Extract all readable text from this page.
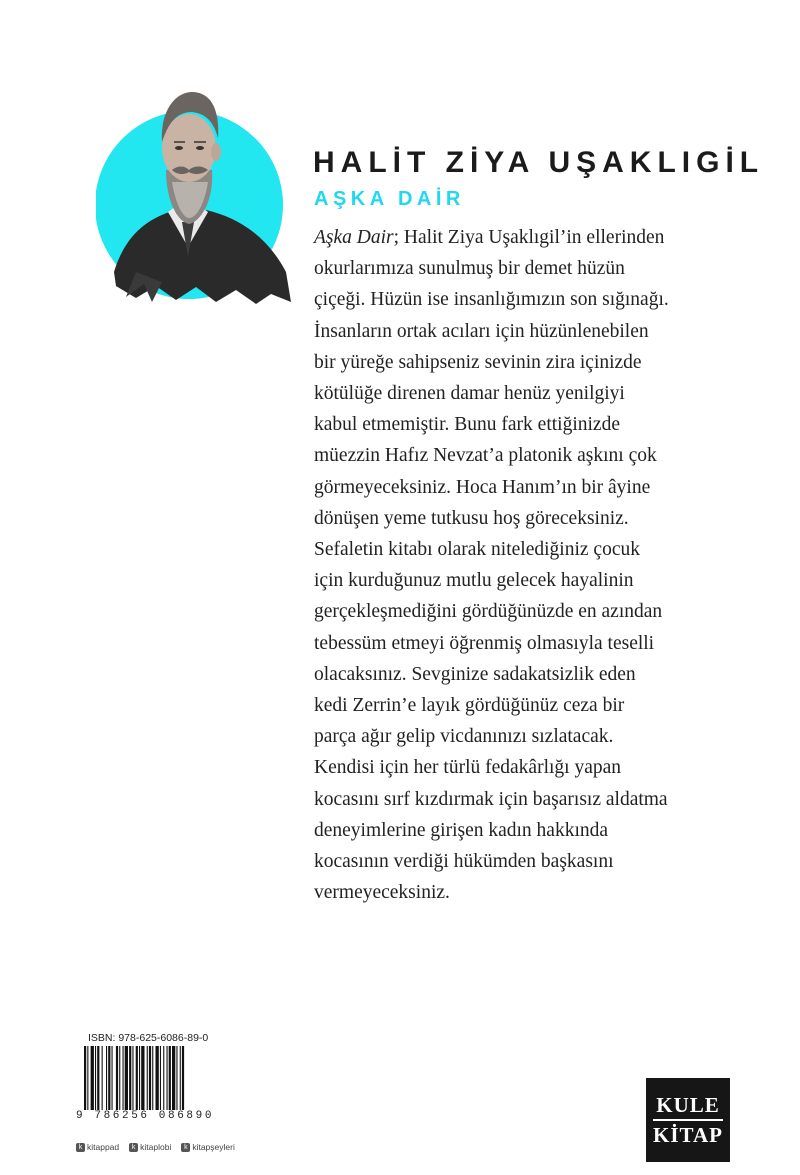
HALİT ZİYA UŞAKLIGİL
AŞKA DAİR
Aşka Dair; Halit Ziya Uşaklıgil’in ellerinden
okurlarımıza sunulmuş bir demet hüzün
çiçeği. Hüzün ise insanlığımızın son sığınağı.
İnsanların ortak acıları için hüzünlenebilen
bir yüreğe sahipseniz sevinin zira içinizde
kötülüğe direnen damar henüz yenilgiyi
kabul etmemiştir. Bunu fark ettiğinizde
müezzin Hafız Nevzat’a platonik aşkını çok
görmeyeceksiniz. Hoca Hanım’ın bir âyine
dönüşen yeme tutkusu hoş göreceksiniz.
Sefaletin kitabı olarak nitelediğiniz çocuk
için kurduğunuz mutlu gelecek hayalinin
gerçekleşmediğini gördüğünüzde en azından
tebessüm etmeyi öğrenmiş olmasıyla teselli
olacaksınız. Sevginize sadakatsizlik eden
kedi Zerrin’e layık gördüğünüz ceza bir
parça ağır gelip vicdanınızı sızlatacak.
Kendisi için her türlü fedakârlığı yapan
kocasını sırf kızdırmak için başarısız aldatma
deneyimlerine girişen kadın hakkında
kocasının verdiği hükümden başkasını
vermeyeceksiniz.
ISBN: 978-625-6086-89-0
9 786256 086890
k kitappad	k kitaplobi	k kitapşeyleri
KULE
KİTAP
